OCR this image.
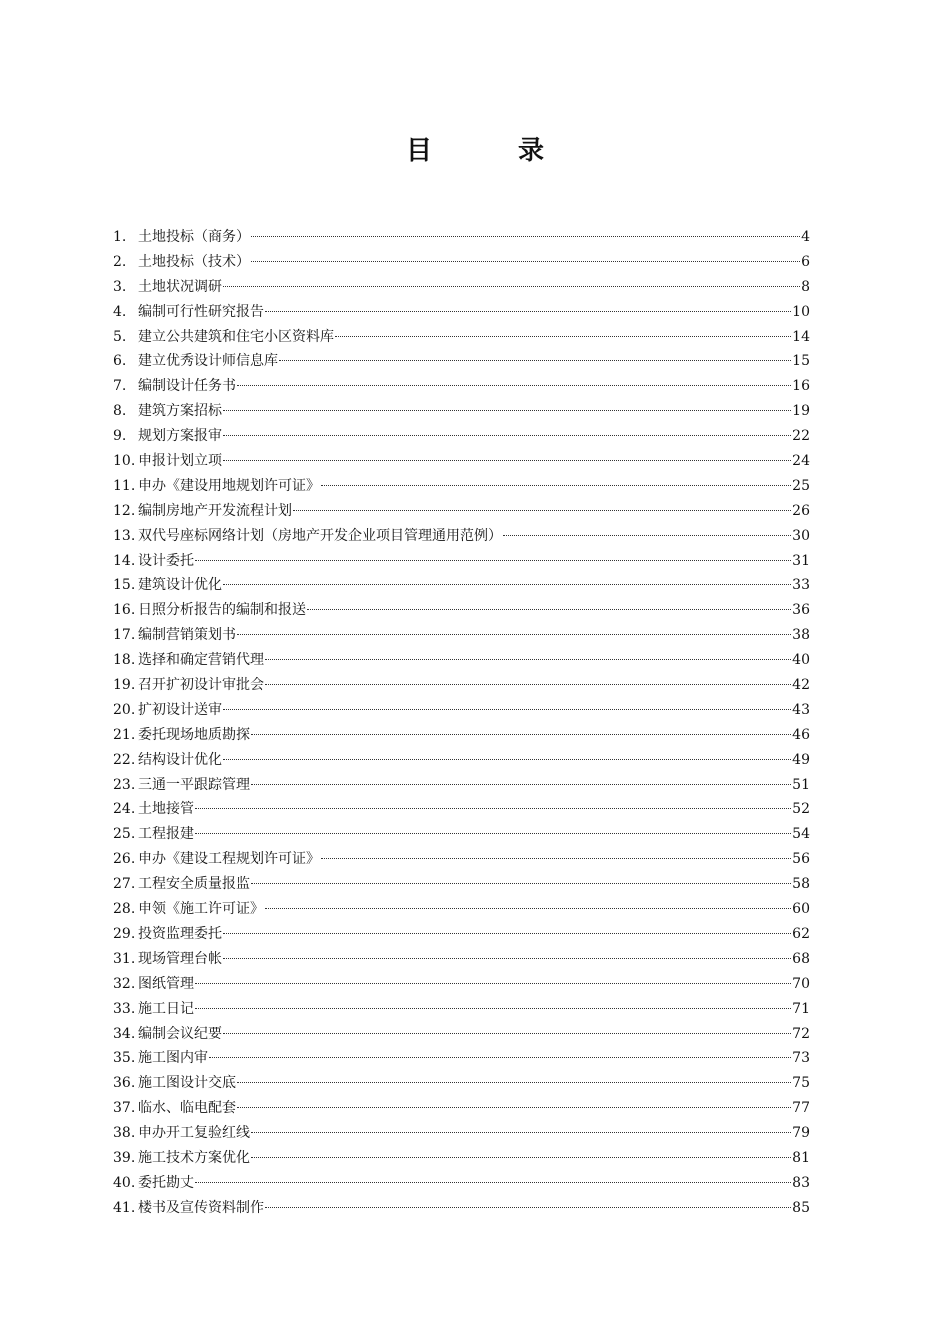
目　录
1. 土地投标（商务）	4
2. 土地投标（技术）	6
3. 土地状况调研	8
4. 编制可行性研究报告	10
5. 建立公共建筑和住宅小区资料库	14
6. 建立优秀设计师信息库	15
7. 编制设计任务书	16
8. 建筑方案招标	19
9. 规划方案报审	22
10. 申报计划立项	24
11. 申办《建设用地规划许可证》	25
12. 编制房地产开发流程计划	26
13. 双代号座标网络计划（房地产开发企业项目管理通用范例）	30
14. 设计委托	31
15. 建筑设计优化	33
16. 日照分析报告的编制和报送	36
17. 编制营销策划书	38
18. 选择和确定营销代理	40
19. 召开扩初设计审批会	42
20. 扩初设计送审	43
21. 委托现场地质勘探	46
22. 结构设计优化	49
23. 三通一平跟踪管理	51
24. 土地接管	52
25. 工程报建	54
26. 申办《建设工程规划许可证》	56
27. 工程安全质量报监	58
28. 申领《施工许可证》	60
29. 投资监理委托	62
31. 现场管理台帐	68
32. 图纸管理	70
33. 施工日记	71
34. 编制会议纪要	72
35. 施工图内审	73
36. 施工图设计交底	75
37. 临水、临电配套	77
38. 申办开工复验红线	79
39. 施工技术方案优化	81
40. 委托勘丈	83
41. 楼书及宣传资料制作	85
